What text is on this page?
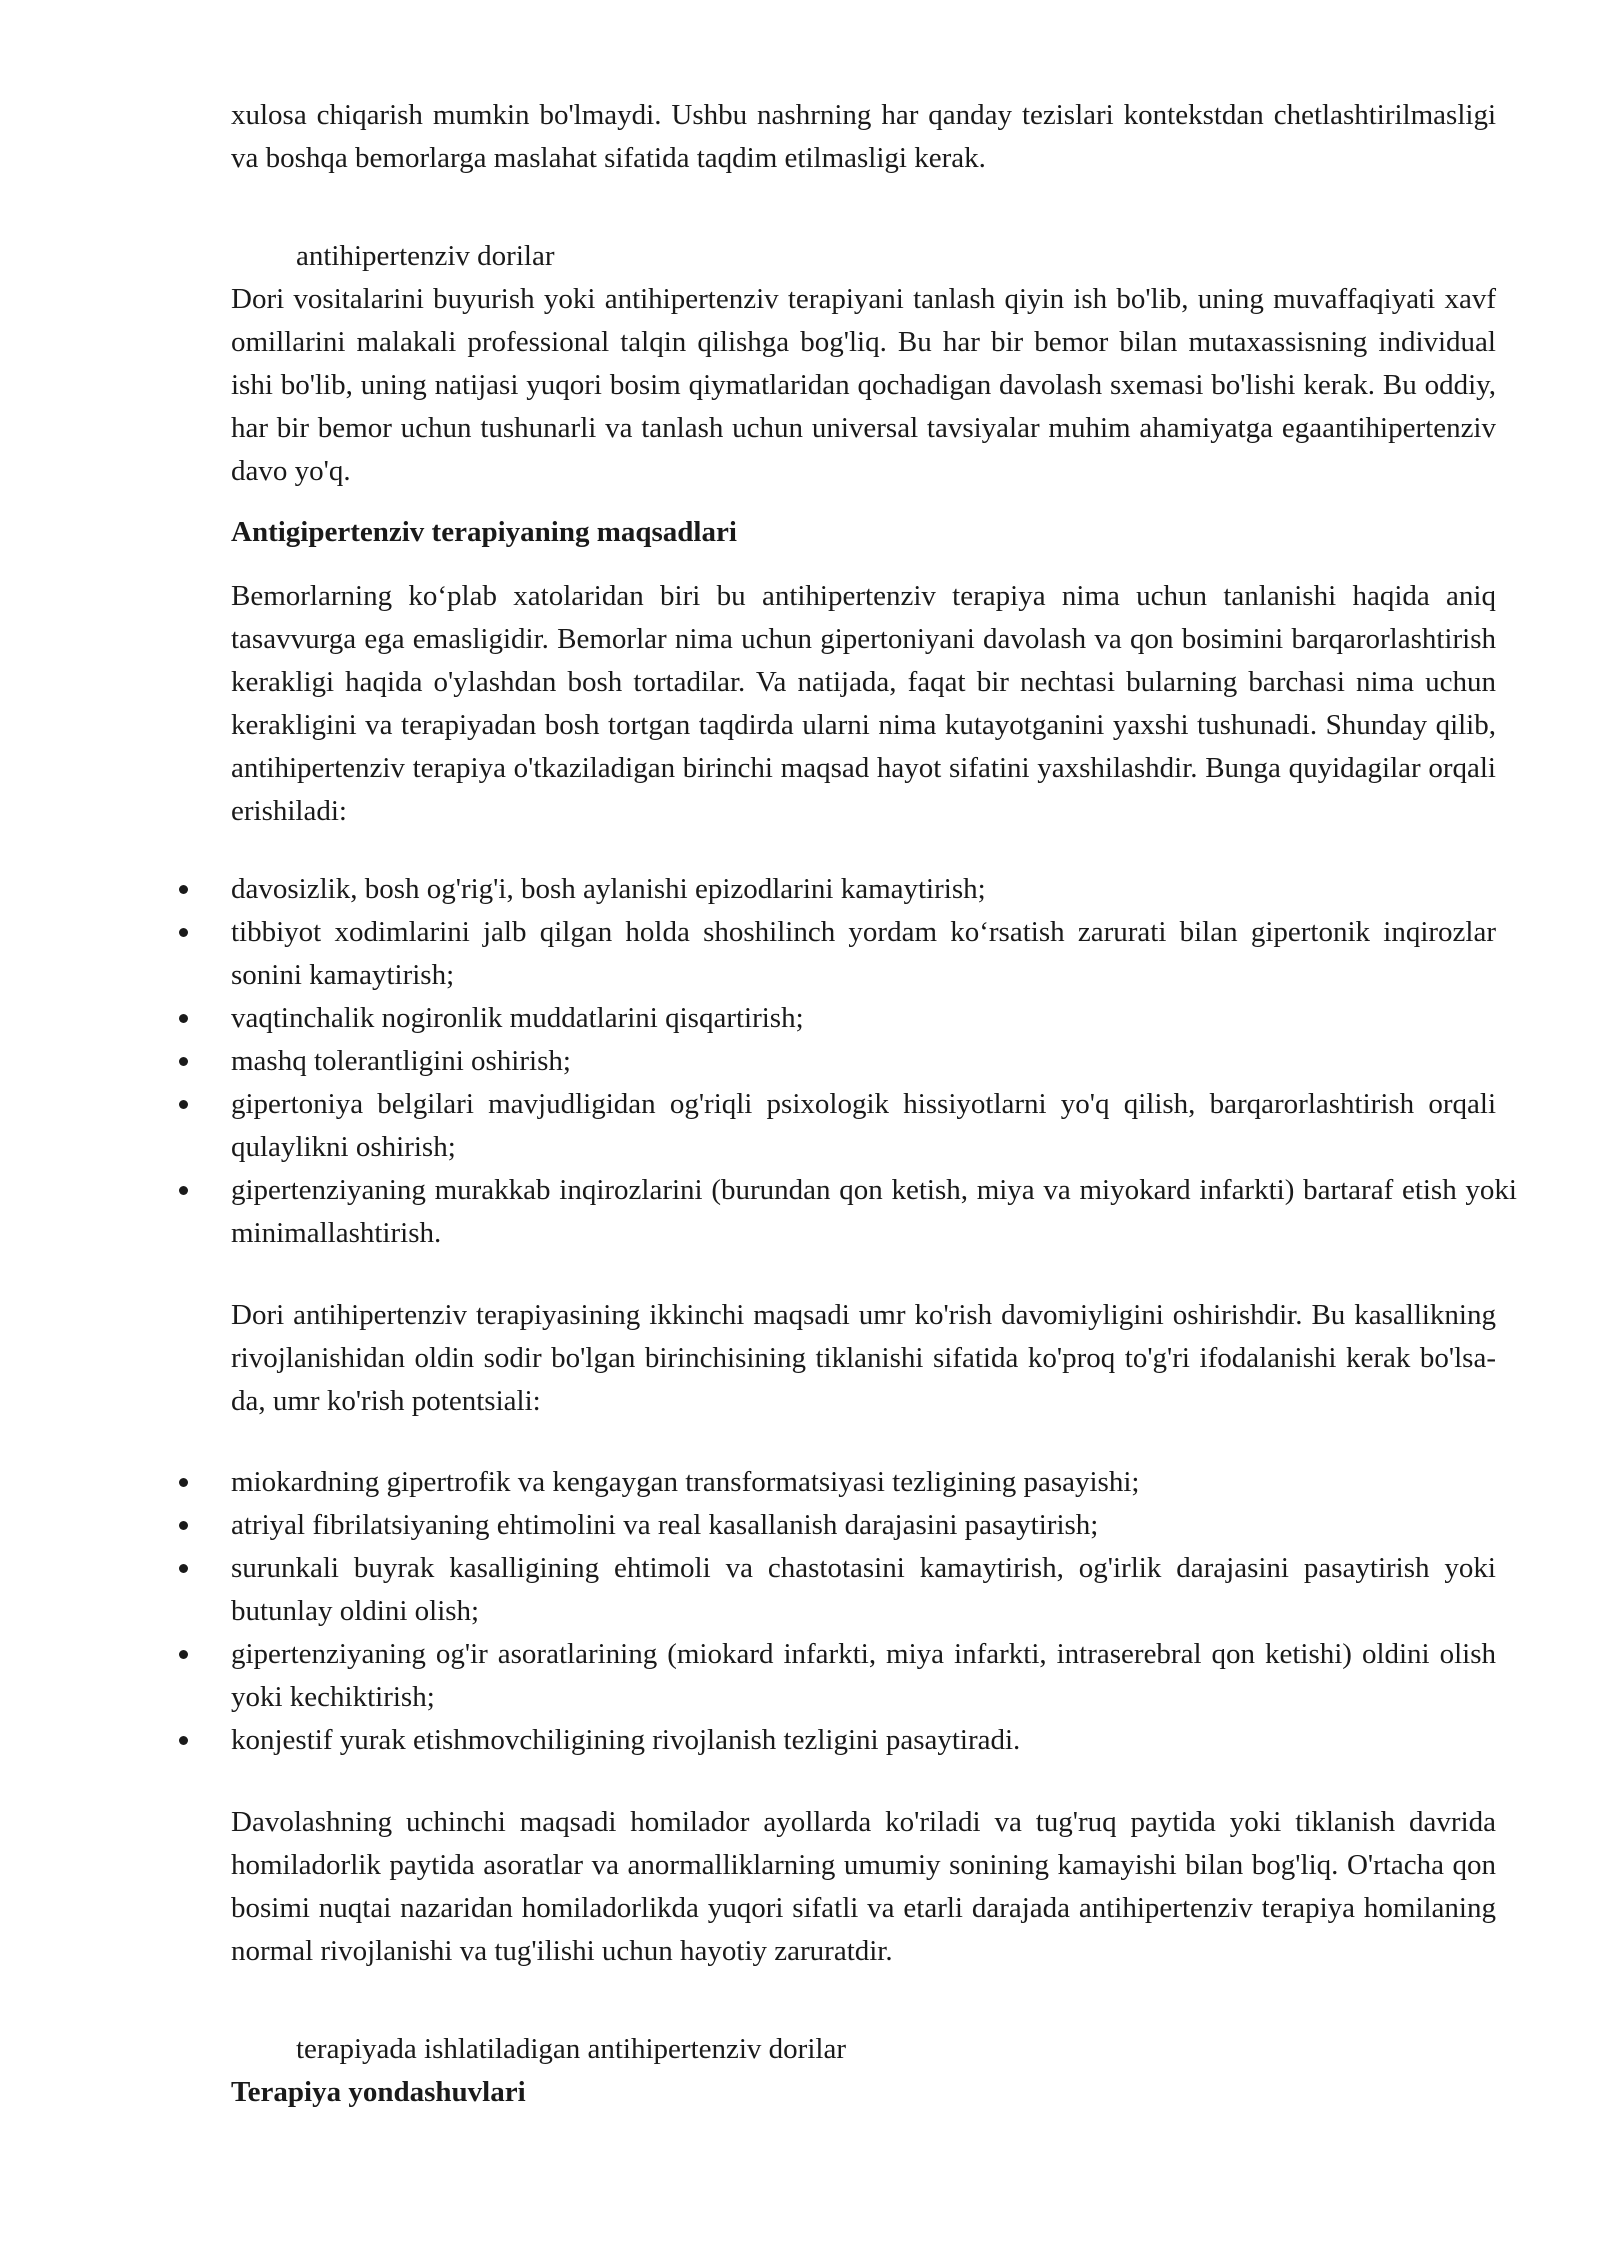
xulosa chiqarish mumkin bo'lmaydi. Ushbu nashrning har qanday tezislari kontekstdan chetlashtirilmasligi va boshqa bemorlarga maslahat sifatida taqdim etilmasligi kerak.

antihipertenziv dorilar

Dori vositalarini buyurish yoki antihipertenziv terapiyani tanlash qiyin ish bo'lib, uning muvaffaqiyati xavf omillarini malakali professional talqin qilishga bog'liq. Bu har bir bemor bilan mutaxassisning individual ishi bo'lib, uning natijasi yuqori bosim qiymatlaridan qochadigan davolash sxemasi bo'lishi kerak. Bu oddiy, har bir bemor uchun tushunarli va tanlash uchun universal tavsiyalar muhim ahamiyatga egaantihipertenziv davo yo'q.

Antigipertenziv terapiyaning maqsadlari

Bemorlarning ko‘plab xatolaridan biri bu antihipertenziv terapiya nima uchun tanlanishi haqida aniq tasavvurga ega emasligidir. Bemorlar nima uchun gipertoniyani davolash va qon bosimini barqarorlashtirish kerakligi haqida o'ylashdan bosh tortadilar. Va natijada, faqat bir nechtasi bularning barchasi nima uchun kerakligini va terapiyadan bosh tortgan taqdirda ularni nima kutayotganini yaxshi tushunadi. Shunday qilib, antihipertenziv terapiya o'tkaziladigan birinchi maqsad hayot sifatini yaxshilashdir. Bunga quyidagilar orqali erishiladi:

davosizlik, bosh og'rig'i, bosh aylanishi epizodlarini kamaytirish;
tibbiyot xodimlarini jalb qilgan holda shoshilinch yordam ko‘rsatish zarurati bilan gipertonik inqirozlar sonini kamaytirish;
vaqtinchalik nogironlik muddatlarini qisqartirish;
mashq tolerantligini oshirish;
gipertoniya belgilari mavjudligidan og'riqli psixologik hissiyotlarni yo'q qilish, barqarorlashtirish orqali qulaylikni oshirish;
gipertenziyaning murakkab inqirozlarini (burundan qon ketish, miya va miyokard infarkti) bartaraf etish yoki minimallashtirish.

Dori antihipertenziv terapiyasining ikkinchi maqsadi umr ko'rish davomiyligini oshirishdir. Bu kasallikning rivojlanishidan oldin sodir bo'lgan birinchisining tiklanishi sifatida ko'proq to'g'ri ifodalanishi kerak bo'lsa-da, umr ko'rish potentsiali:

miokardning gipertrofik va kengaygan transformatsiyasi tezligining pasayishi;
atriyal fibrilatsiyaning ehtimolini va real kasallanish darajasini pasaytirish;
surunkali buyrak kasalligining ehtimoli va chastotasini kamaytirish, og'irlik darajasini pasaytirish yoki butunlay oldini olish;
gipertenziyaning og'ir asoratlarining (miokard infarkti, miya infarkti, intraserebral qon ketishi) oldini olish yoki kechiktirish;
konjestif yurak etishmovchiligining rivojlanish tezligini pasaytiradi.

Davolashning uchinchi maqsadi homilador ayollarda ko'riladi va tug'ruq paytida yoki tiklanish davrida homiladorlik paytida asoratlar va anormalliklarning umumiy sonining kamayishi bilan bog'liq. O'rtacha qon bosimi nuqtai nazaridan homiladorlikda yuqori sifatli va etarli darajada antihipertenziv terapiya homilaning normal rivojlanishi va tug'ilishi uchun hayotiy zaruratdir.

terapiyada ishlatiladigan antihipertenziv dorilar

Terapiya yondashuvlari
